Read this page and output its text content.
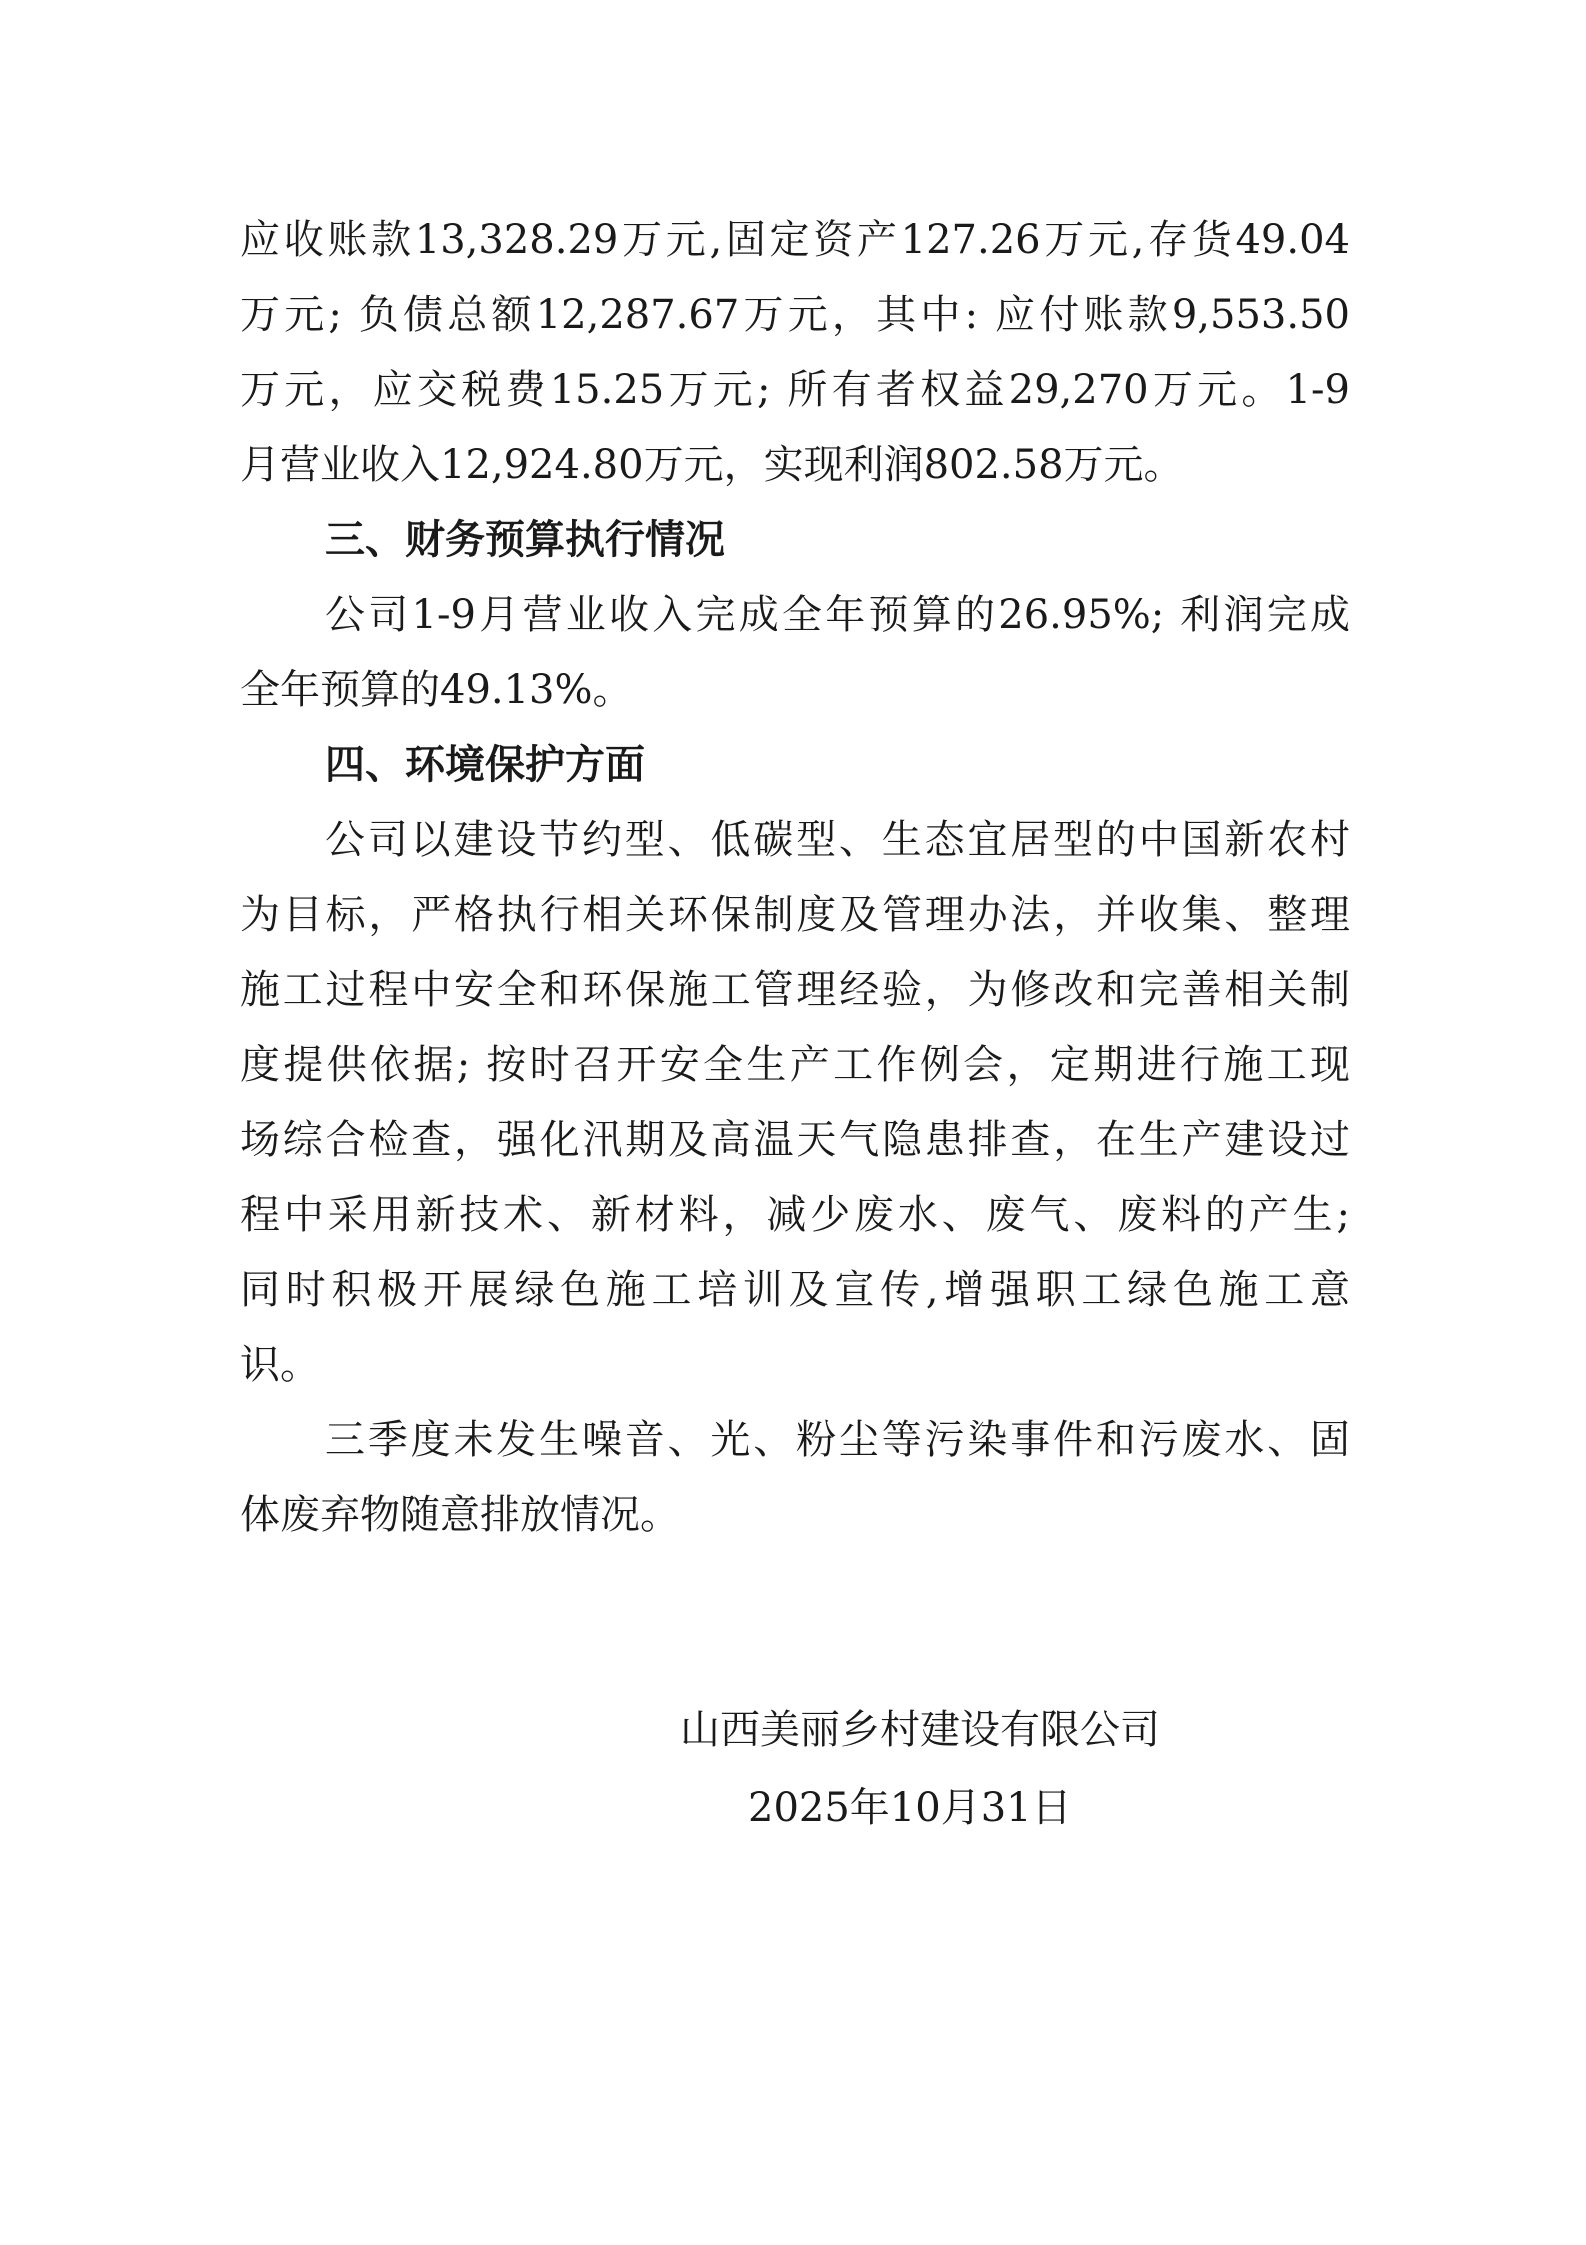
应收账款13,328.29万元,固定资产127.26万元,存货49.04
万元; 负债总额12,287.67万元，其中: 应付账款9,553.50
万元，应交税费15.25万元; 所有者权益29,270万元。1-9
月营业收入12,924.80万元，实现利润802.58万元。
三、财务预算执行情况
公司1-9月营业收入完成全年预算的26.95%; 利润完成
全年预算的49.13%。
四、环境保护方面
公司以建设节约型、低碳型、生态宜居型的中国新农村
为目标，严格执行相关环保制度及管理办法，并收集、整理
施工过程中安全和环保施工管理经验，为修改和完善相关制
度提供依据; 按时召开安全生产工作例会，定期进行施工现
场综合检查，强化汛期及高温天气隐患排查，在生产建设过
程中采用新技术、新材料，减少废水、废气、废料的产生;
同时积极开展绿色施工培训及宣传,增强职工绿色施工意
识。
三季度未发生噪音、光、粉尘等污染事件和污废水、固
体废弃物随意排放情况。
山西美丽乡村建设有限公司
2025年10月31日
